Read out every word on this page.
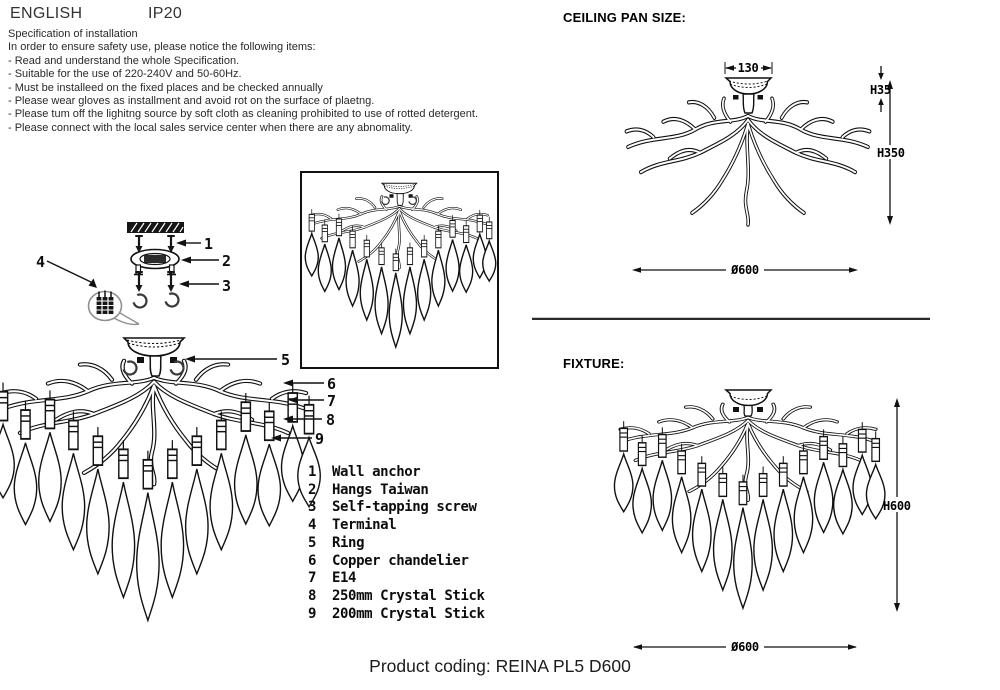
ENGLISH	IP20
Specification of installation
In order to ensure safety use, please notice the following items:
- Read and understand the whole Specification.
- Suitable for the use of 220-240V and 50-60Hz.
- Must be installeed on the fixed places and be checked annually
- Please wear gloves as installment and avoid rot on the surface of plaetng.
- Please tum off the lighitng source by soft cloth as cleaning prohibited to use of rotted detergent.
- Please connect with the local sales service center when there are any abnomality.
1
2
3
4
5
6
7
8
9
1 Wall anchor
2 Hangs Taiwan
3 Self-tapping screw
4 Terminal
5 Ring
6 Copper chandelier
7 E14
8 250mm Crystal Stick
9 200mm Crystal Stick
CEILING PAN SIZE:
130
H35
H350
Ø600
FIXTURE:
H600
Ø600
Product coding: REINA PL5 D600
